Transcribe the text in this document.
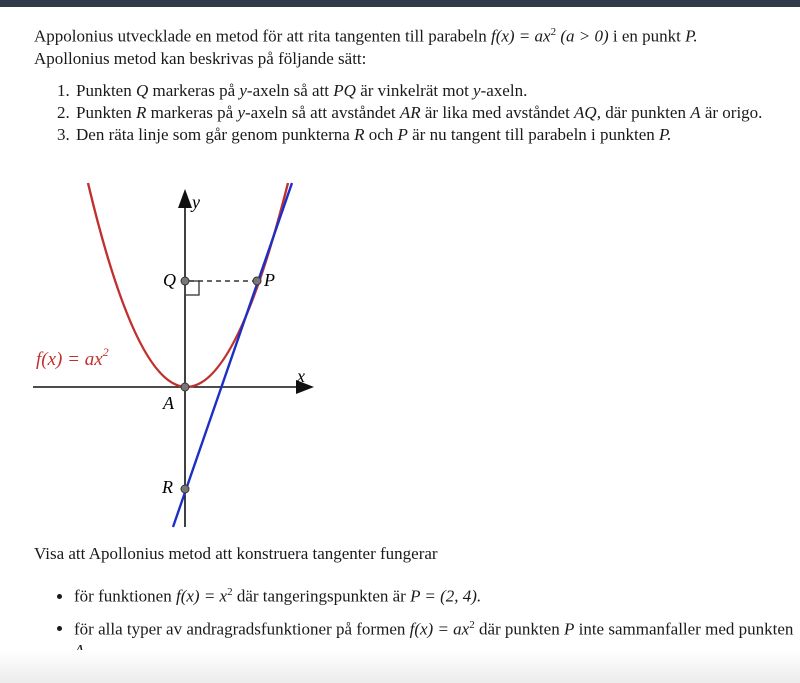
Appolonius utvecklade en metod för att rita tangenten till parabeln $f(x) = ax^2$ (a > 0) i en punkt P.
Apollonius metod kan beskrivas på följande sätt:

1. Punkten Q markeras på y-axeln så att PQ är vinkelrät mot y-axeln.
2. Punkten R markeras på y-axeln så att avståndet AR är lika med avståndet AQ, där punkten A är origo.
3. Den räta linje som går genom punkterna R och P är nu tangent till parabeln i punkten P.
y
x
Q	P
A
R
$f(x) = ax^2$

Visa att Apollonius metod att konstruera tangenter fungerar

• för funktionen $f(x) = x^2$ där tangeringspunkten är P = (2, 4).
• för alla typer av andragradsfunktioner på formen $f(x) = ax^2$ där punkten P inte sammanfaller med punkten
